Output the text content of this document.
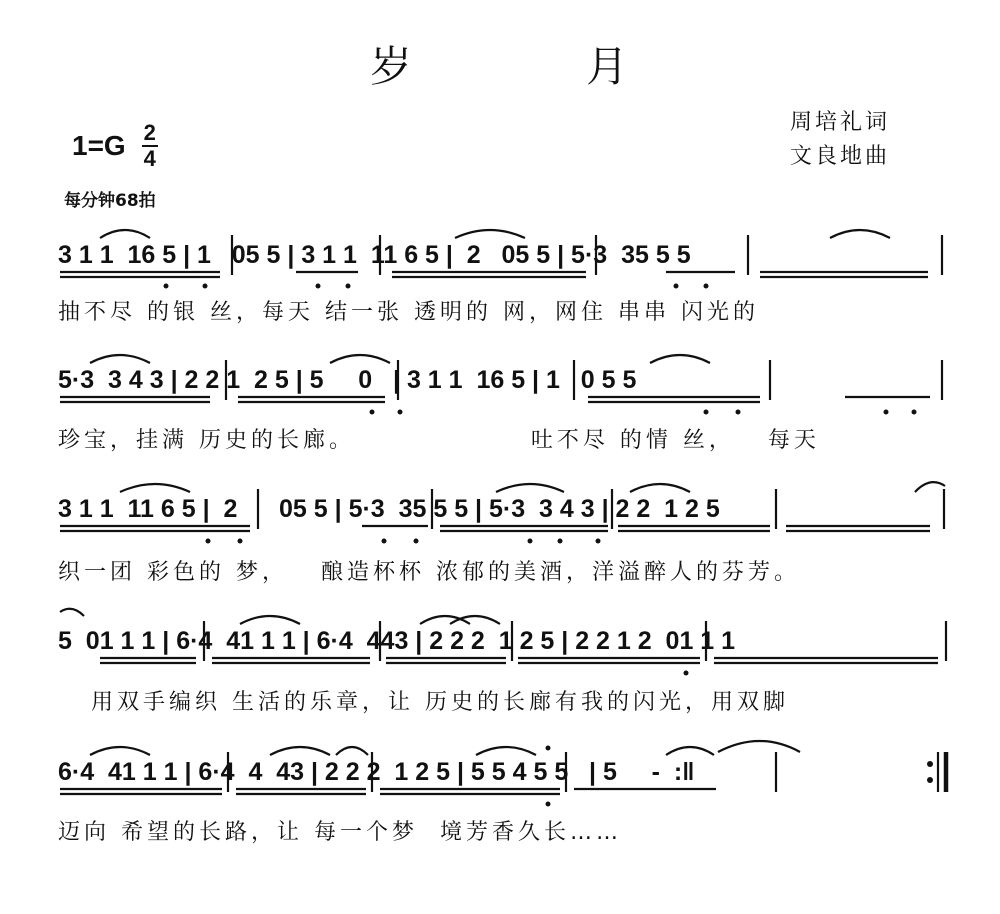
岁	月
1=G 2
4
周培礼词
文良地曲
每分钟68拍
3 1 1  16 5 | 1   05 5 | 3 1 1  11 6 5 |  2   05 5 | 5·3  35 5 5
5·3  3 4 3 | 2 2 1  2 5 | 5     0   | 3 1 1  16 5 | 1   0 5 5
3 1 1  11 6 5 |  2      05 5 | 5·3  35 5 5 | 5·3  3 4 3 | 2 2  1 2 5
5  01 1 1 | 6·4  41 1 1 | 6·4  443 | 2 2 2  1 2 5 | 2 2 1 2  01 1 1
6·4  41 1 1 | 6·4  4  43 | 2 2 2  1 2 5 | 5 5 4 5 5   | 5     -  :‖
抽不尽 的银 丝，每天 结一张 透明的 网，网住 串串 闪光的
珍宝，挂满 历史的长廊。                吐不尽 的情 丝，   每天
织一团 彩色的 梦，   酿造杯杯 浓郁的美酒，洋溢醉人的芬芳。
用双手编织 生活的乐章，让 历史的长廊有我的闪光，用双脚
迈向 希望的长路，让 每一个梦  境芳香久长……
